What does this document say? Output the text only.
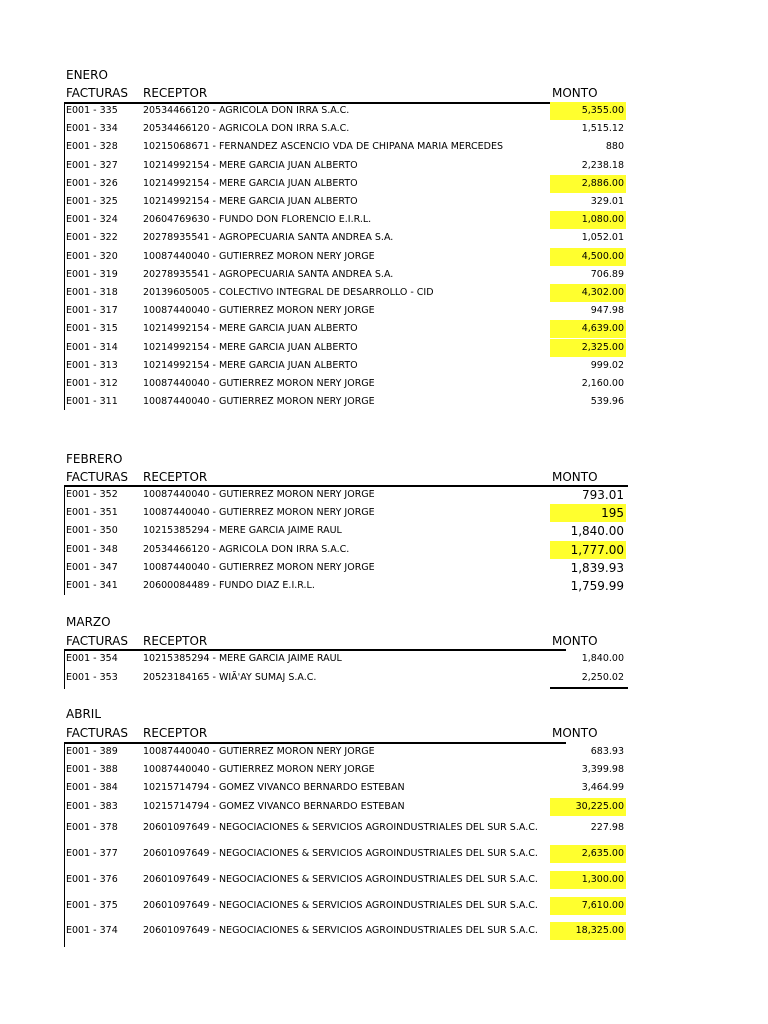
ENERO
FACTURAS RECEPTOR	MONTO
E001 - 335	20534466120 - AGRICOLA DON IRRA S.A.C.	5,355.00
E001 - 334	20534466120 - AGRICOLA DON IRRA S.A.C.	1,515.12
E001 - 328	10215068671 - FERNANDEZ ASCENCIO VDA DE CHIPANA MARIA MERCEDES	880
E001 - 327	10214992154 - MERE GARCIA JUAN ALBERTO	2,238.18
E001 - 326	10214992154 - MERE GARCIA JUAN ALBERTO	2,886.00
E001 - 325	10214992154 - MERE GARCIA JUAN ALBERTO	329.01
E001 - 324	20604769630 - FUNDO DON FLORENCIO E.I.R.L.	1,080.00
E001 - 322	20278935541 - AGROPECUARIA SANTA ANDREA S.A.	1,052.01
E001 - 320	10087440040 - GUTIERREZ MORON NERY JORGE	4,500.00
E001 - 319	20278935541 - AGROPECUARIA SANTA ANDREA S.A.	706.89
E001 - 318	20139605005 - COLECTIVO INTEGRAL DE DESARROLLO - CID	4,302.00
E001 - 317	10087440040 - GUTIERREZ MORON NERY JORGE	947.98
E001 - 315	10214992154 - MERE GARCIA JUAN ALBERTO	4,639.00
E001 - 314	10214992154 - MERE GARCIA JUAN ALBERTO	2,325.00
E001 - 313	10214992154 - MERE GARCIA JUAN ALBERTO	999.02
E001 - 312	10087440040 - GUTIERREZ MORON NERY JORGE	2,160.00
E001 - 311	10087440040 - GUTIERREZ MORON NERY JORGE	539.96
FEBRERO
FACTURAS RECEPTOR	MONTO
E001 - 352	10087440040 - GUTIERREZ MORON NERY JORGE	793.01
E001 - 351	10087440040 - GUTIERREZ MORON NERY JORGE	195
E001 - 350	10215385294 - MERE GARCIA JAIME RAUL	1,840.00
E001 - 348	20534466120 - AGRICOLA DON IRRA S.A.C.	1,777.00
E001 - 347	10087440040 - GUTIERREZ MORON NERY JORGE	1,839.93
E001 - 341	20600084489 - FUNDO DIAZ E.I.R.L.	1,759.99
MARZO
FACTURAS RECEPTOR	MONTO
E001 - 354	10215385294 - MERE GARCIA JAIME RAUL	1,840.00
E001 - 353	20523184165 - WIÃ'AY SUMAJ S.A.C.	2,250.02
ABRIL
FACTURAS RECEPTOR	MONTO
E001 - 389	10087440040 - GUTIERREZ MORON NERY JORGE	683.93
E001 - 388	10087440040 - GUTIERREZ MORON NERY JORGE	3,399.98
E001 - 384	10215714794 - GOMEZ VIVANCO BERNARDO ESTEBAN	3,464.99
E001 - 383	10215714794 - GOMEZ VIVANCO BERNARDO ESTEBAN	30,225.00
E001 - 378	20601097649 - NEGOCIACIONES & SERVICIOS AGROINDUSTRIALES DEL SUR S.A.C.	227.98
E001 - 377	20601097649 - NEGOCIACIONES & SERVICIOS AGROINDUSTRIALES DEL SUR S.A.C.	2,635.00
E001 - 376	20601097649 - NEGOCIACIONES & SERVICIOS AGROINDUSTRIALES DEL SUR S.A.C.	1,300.00
E001 - 375	20601097649 - NEGOCIACIONES & SERVICIOS AGROINDUSTRIALES DEL SUR S.A.C.	7,610.00
E001 - 374	20601097649 - NEGOCIACIONES & SERVICIOS AGROINDUSTRIALES DEL SUR S.A.C.	18,325.00
